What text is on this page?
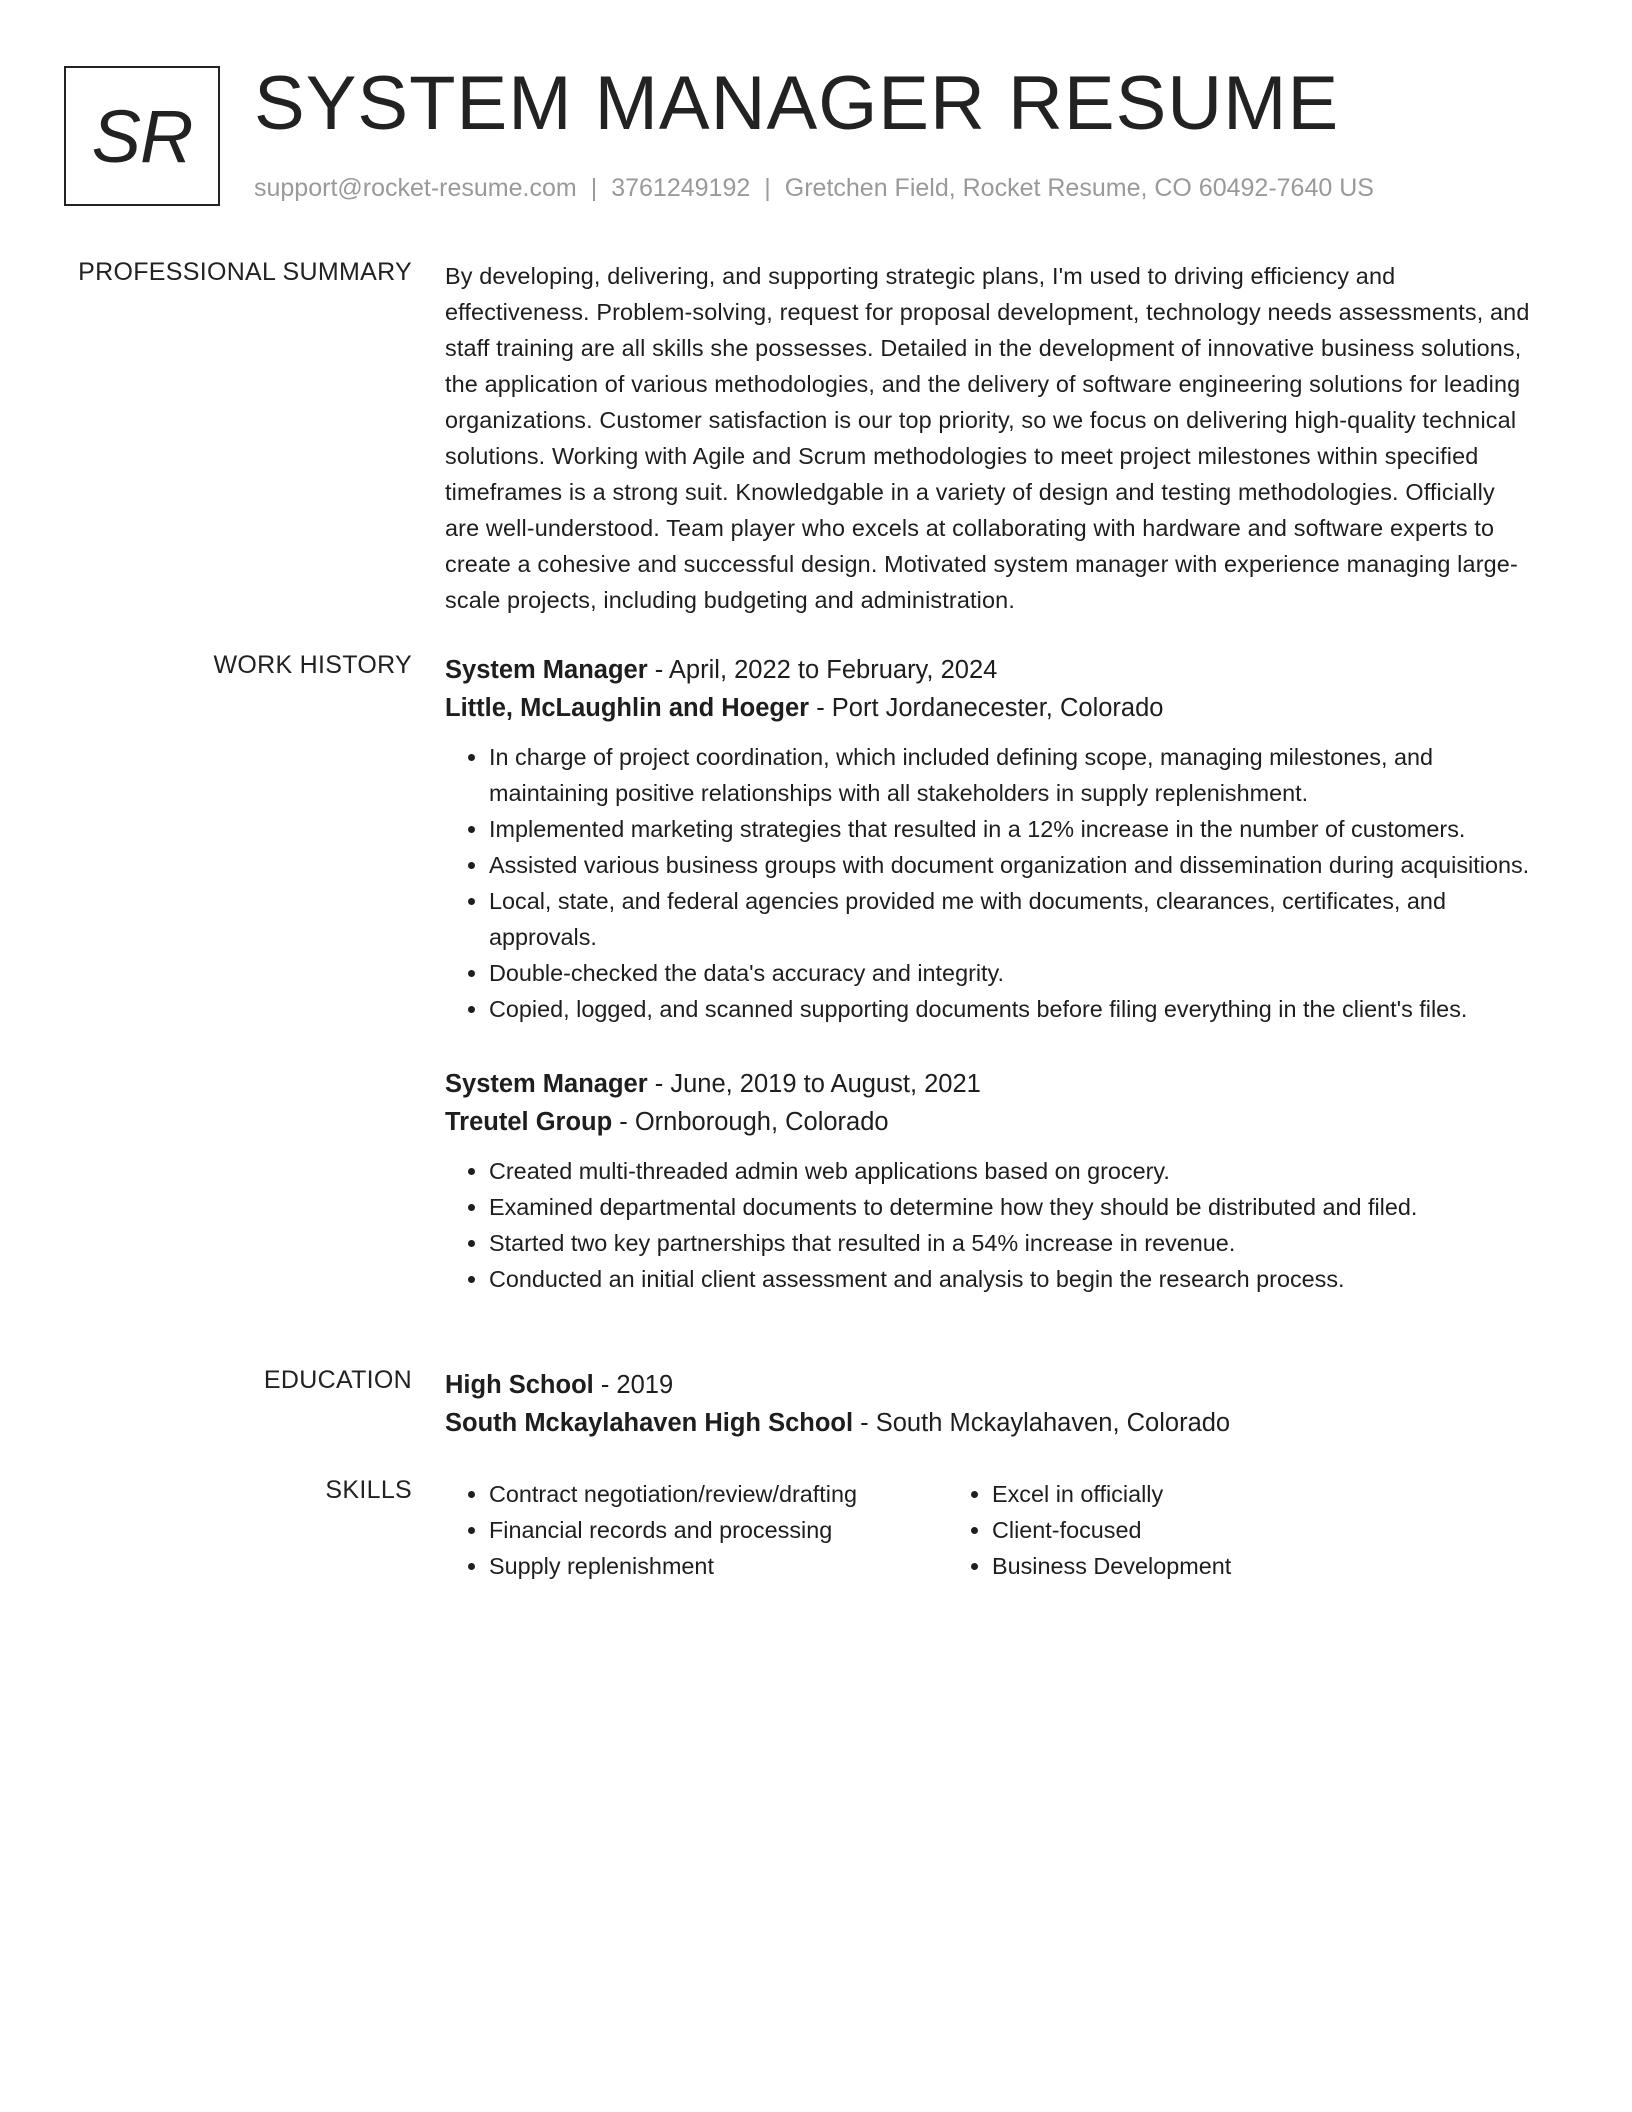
SR SYSTEM MANAGER RESUME
support@rocket-resume.com | 3761249192 | Gretchen Field, Rocket Resume, CO 60492-7640 US
PROFESSIONAL SUMMARY By developing, delivering, and supporting strategic plans, I'm used to driving efficiency and effectiveness. Problem-solving, request for proposal development, technology needs assessments, and staff training are all skills she possesses. Detailed in the development of innovative business solutions, the application of various methodologies, and the delivery of software engineering solutions for leading organizations. Customer satisfaction is our top priority, so we focus on delivering high-quality technical solutions. Working with Agile and Scrum methodologies to meet project milestones within specified timeframes is a strong suit. Knowledgable in a variety of design and testing methodologies. Officially are well-understood. Team player who excels at collaborating with hardware and software experts to create a cohesive and successful design. Motivated system manager with experience managing large-scale projects, including budgeting and administration.

WORK HISTORY System Manager - April, 2022 to February, 2024

Little, McLaughlin and Hoeger - Port Jordanecester, Colorado

• In charge of project coordination, which included defining scope, managing milestones, and maintaining positive relationships with all stakeholders in supply replenishment.
• Implemented marketing strategies that resulted in a 12% increase in the number of customers.
• Assisted various business groups with document organization and dissemination during acquisitions.
• Local, state, and federal agencies provided me with documents, clearances, certificates, and approvals.
• Double-checked the data's accuracy and integrity.
• Copied, logged, and scanned supporting documents before filing everything in the client's files.

System Manager - June, 2019 to August, 2021

Treutel Group - Ornborough, Colorado

• Created multi-threaded admin web applications based on grocery.
• Examined departmental documents to determine how they should be distributed and filed.
• Started two key partnerships that resulted in a 54% increase in revenue.
• Conducted an initial client assessment and analysis to begin the research process.
EDUCATION High School - 2019

South Mckaylahaven High School - South Mckaylahaven, Colorado

SKILLS
•	Contract negotiation/review/drafting
• Financial records and processing
• Supply replenishment
• Excel in officially
• Client-focused
• Business Development
